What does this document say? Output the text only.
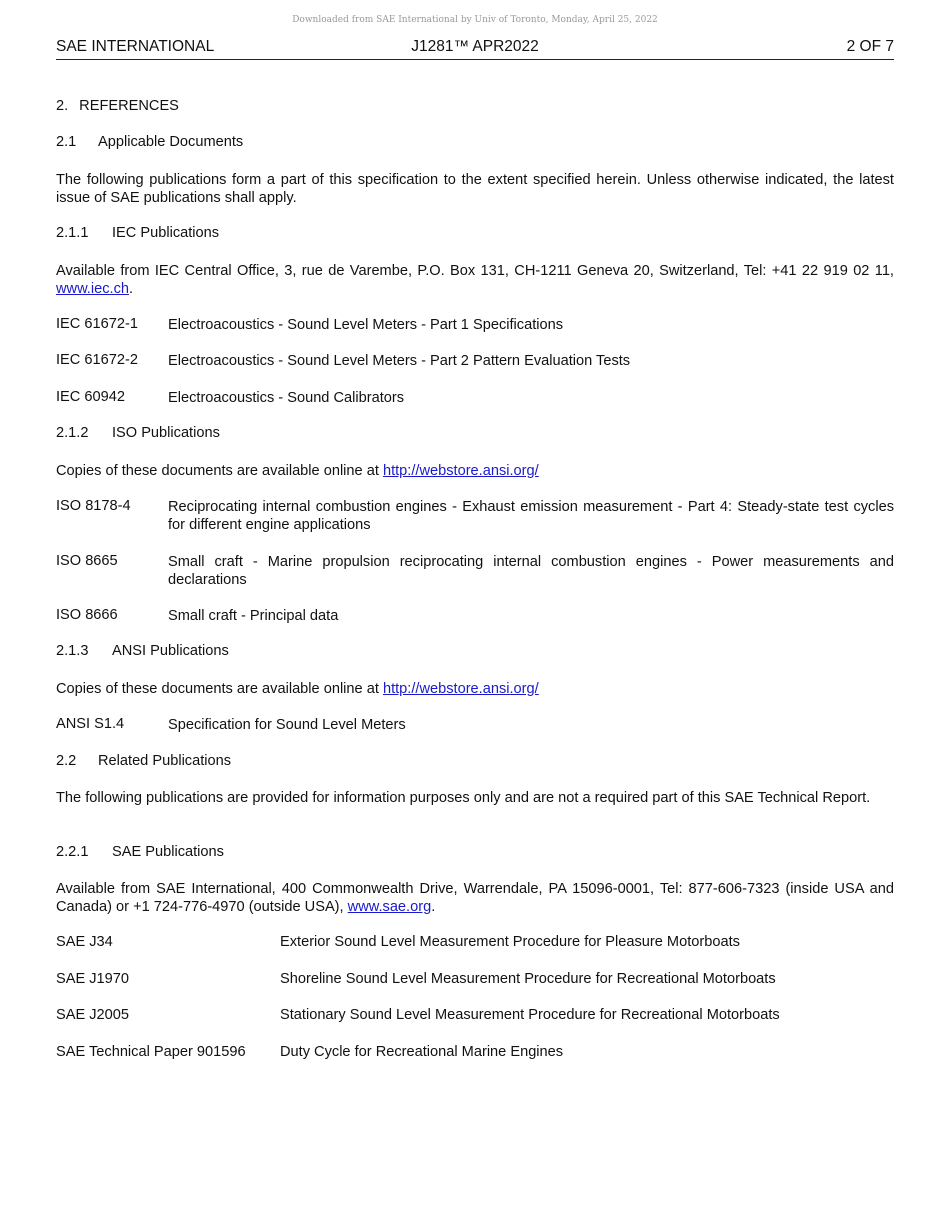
Downloaded from SAE International by Univ of Toronto, Monday, April 25, 2022
SAE INTERNATIONAL	J1281™ APR2022	2 OF 7
2. REFERENCES
2.1 Applicable Documents
The following publications form a part of this specification to the extent specified herein. Unless otherwise indicated, the latest issue of SAE publications shall apply.
2.1.1 IEC Publications
Available from IEC Central Office, 3, rue de Varembe, P.O. Box 131, CH-1211 Geneva 20, Switzerland, Tel: +41 22 919 02 11, www.iec.ch.
IEC 61672-1 Electroacoustics - Sound Level Meters - Part 1 Specifications
IEC 61672-2 Electroacoustics - Sound Level Meters - Part 2 Pattern Evaluation Tests
IEC 60942	Electroacoustics - Sound Calibrators
2.1.2 ISO Publications
Copies of these documents are available online at http://webstore.ansi.org/
ISO 8178-4	Reciprocating internal combustion engines - Exhaust emission measurement - Part 4: Steady-state test cycles for different engine applications
ISO 8665	Small craft - Marine propulsion reciprocating internal combustion engines - Power measurements and declarations
ISO 8666	Small craft - Principal data
2.1.3 ANSI Publications
Copies of these documents are available online at http://webstore.ansi.org/
ANSI S1.4	Specification for Sound Level Meters
2.2 Related Publications
The following publications are provided for information purposes only and are not a required part of this SAE Technical Report.
2.2.1 SAE Publications
Available from SAE International, 400 Commonwealth Drive, Warrendale, PA 15096-0001, Tel: 877-606-7323 (inside USA and Canada) or +1 724-776-4970 (outside USA), www.sae.org.
SAE J34	Exterior Sound Level Measurement Procedure for Pleasure Motorboats
SAE J1970	Shoreline Sound Level Measurement Procedure for Recreational Motorboats
SAE J2005	Stationary Sound Level Measurement Procedure for Recreational Motorboats
SAE Technical Paper 901596 Duty Cycle for Recreational Marine Engines
